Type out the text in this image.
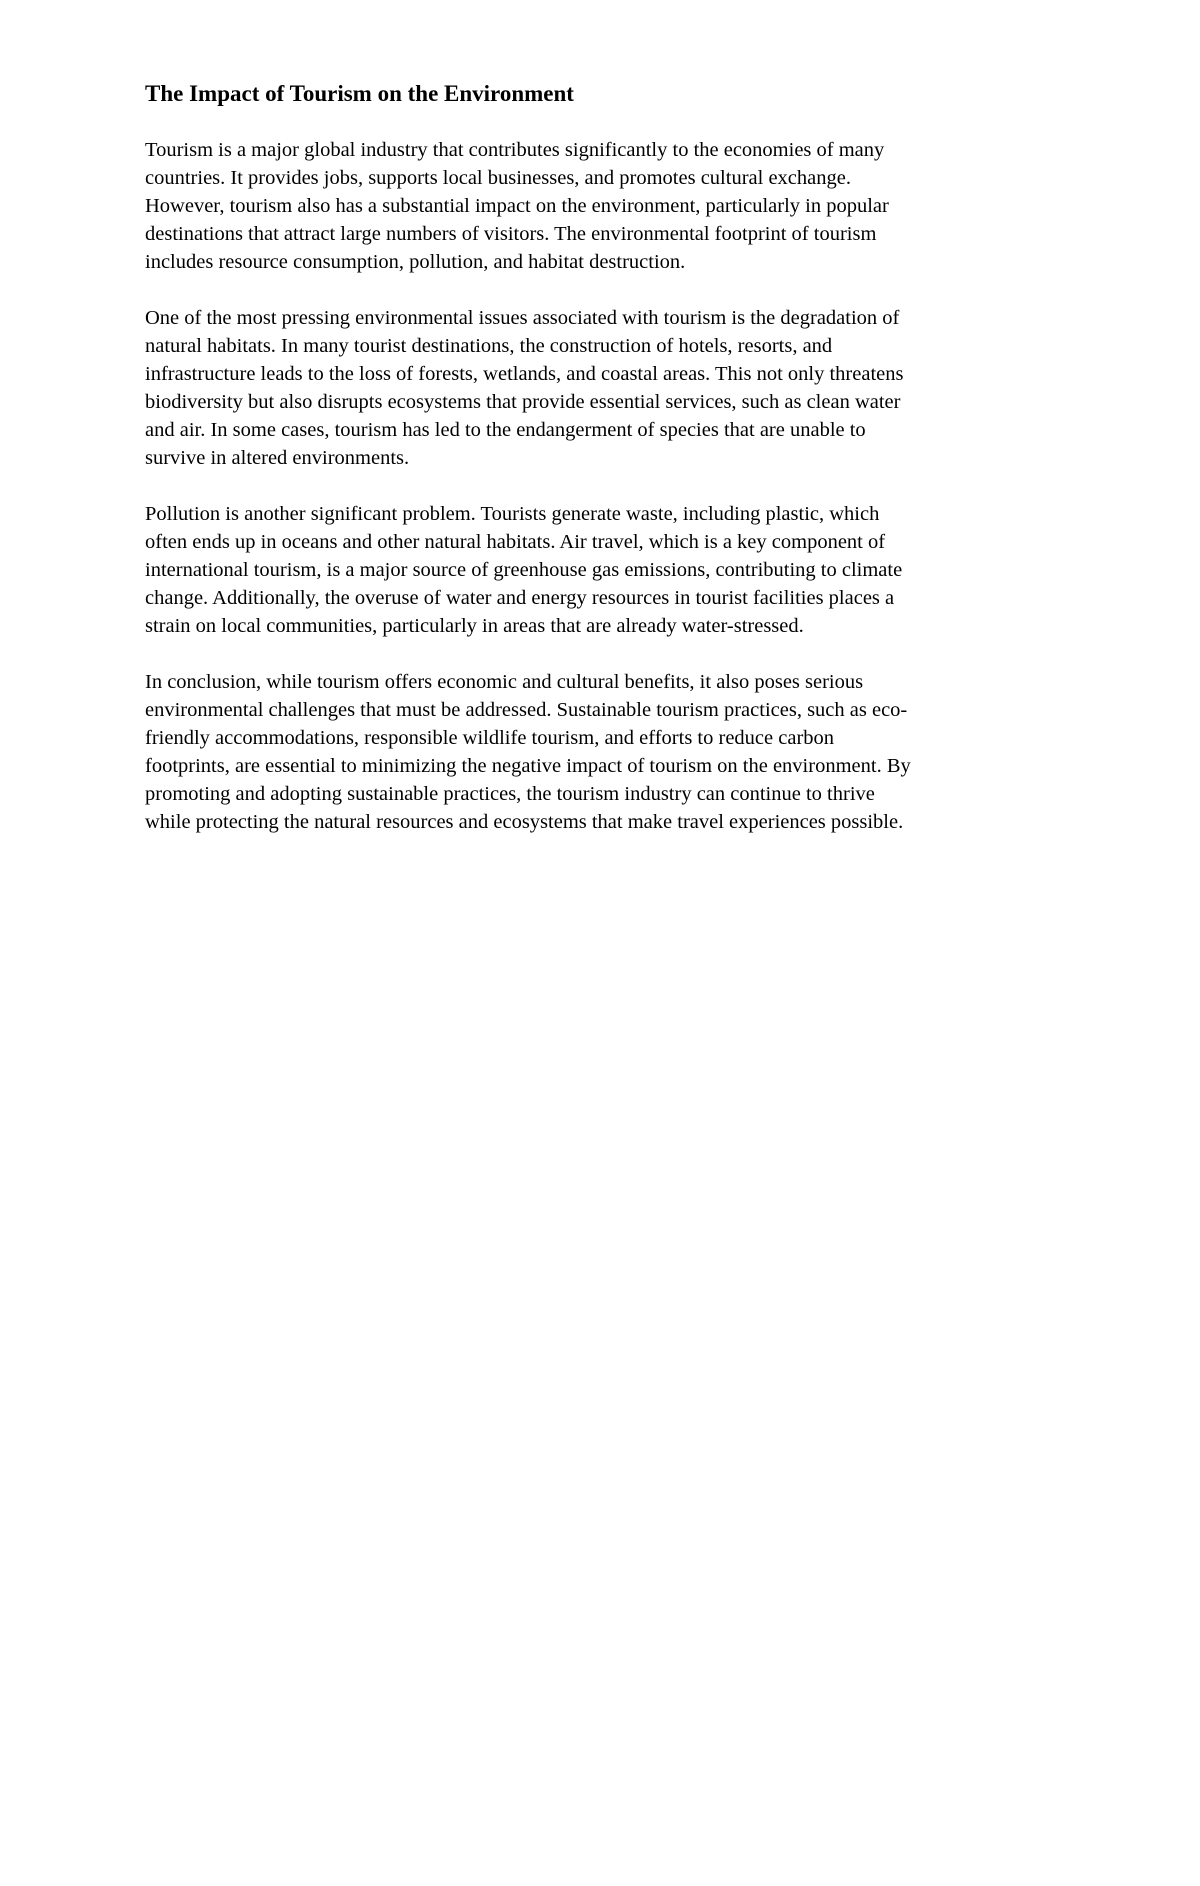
The Impact of Tourism on the Environment

Tourism is a major global industry that contributes significantly to the economies of many
countries. It provides jobs, supports local businesses, and promotes cultural exchange.
However, tourism also has a substantial impact on the environment, particularly in popular
destinations that attract large numbers of visitors. The environmental footprint of tourism
includes resource consumption, pollution, and habitat destruction.

One of the most pressing environmental issues associated with tourism is the degradation of
natural habitats. In many tourist destinations, the construction of hotels, resorts, and
infrastructure leads to the loss of forests, wetlands, and coastal areas. This not only threatens
biodiversity but also disrupts ecosystems that provide essential services, such as clean water
and air. In some cases, tourism has led to the endangerment of species that are unable to
survive in altered environments.

Pollution is another significant problem. Tourists generate waste, including plastic, which
often ends up in oceans and other natural habitats. Air travel, which is a key component of
international tourism, is a major source of greenhouse gas emissions, contributing to climate
change. Additionally, the overuse of water and energy resources in tourist facilities places a
strain on local communities, particularly in areas that are already water-stressed.

In conclusion, while tourism offers economic and cultural benefits, it also poses serious
environmental challenges that must be addressed. Sustainable tourism practices, such as eco-
friendly accommodations, responsible wildlife tourism, and efforts to reduce carbon
footprints, are essential to minimizing the negative impact of tourism on the environment. By
promoting and adopting sustainable practices, the tourism industry can continue to thrive
while protecting the natural resources and ecosystems that make travel experiences possible.
